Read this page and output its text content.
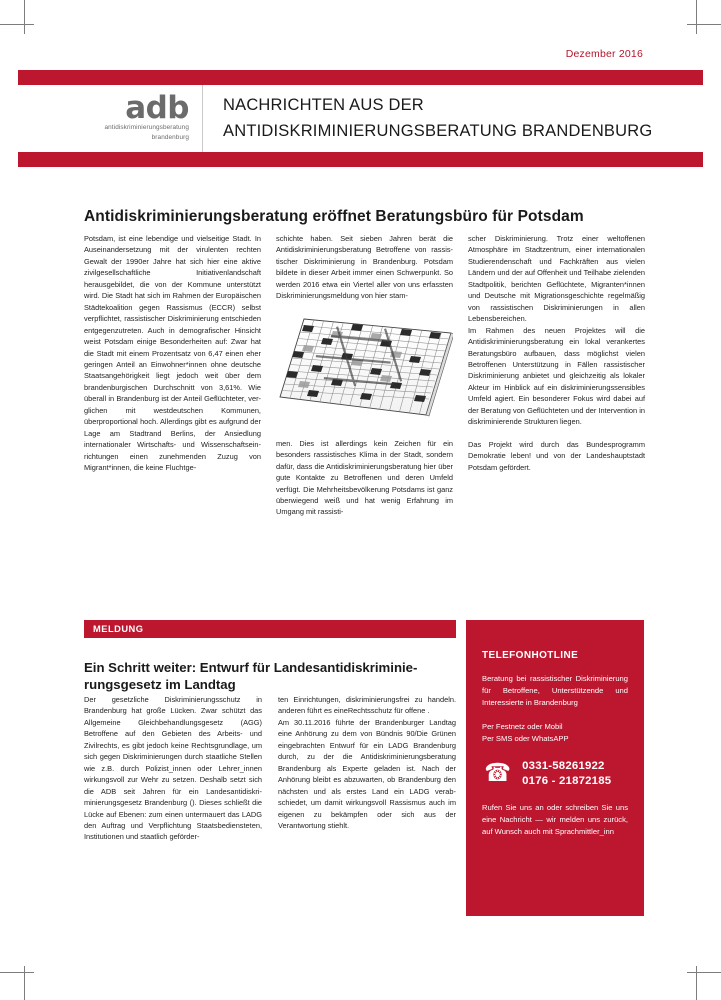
Dezember 2016
adb
antidiskriminierungsberatung
brandenburg
NACHRICHTEN AUS DER
ANTIDISKRIMINIERUNGSBERATUNG BRANDENBURG
Antidiskriminierungsberatung eröffnet Beratungsbüro für Potsdam

Potsdam, ist eine lebendige und vielseitige Stadt. In Auseinandersetzung mit der virulenten rechten Gewalt der 1990er Jahre hat sich hier eine aktive zivilgesellschaftliche Initiativenlandschaft herausgebildet, die von der Kommune unterstützt wird. Die Stadt hat sich im Rahmen der Europäischen Städtekoalition gegen Rassismus (ECCR) selbst verpflichtet, rassistischer Diskriminierung entschieden entgegenzutreten. Auch in demografischer Hinsicht weist Potsdam einige Besonderheiten auf: Zwar hat die Stadt mit einem Prozentsatz von 6,47 einen eher geringen Anteil an Einwohner*innen ohne deutsche Staatsangehörigkeit liegt jedoch weit über dem brandenburgischen Durchschnitt von 3,61%. Wie überall in Brandenburg ist der Anteil Geflüchteter, verglichen mit westdeutschen Kommunen, überproportional hoch. Allerdings gibt es aufgrund der Lage am Stadtrand Berlins, der Ansiedlung internationaler Wirtschafts- und Wissenschaftseinrichtungen einen zunehmenden Zuzug von Migrant*innen, die keine Fluchtge-

schichte haben. Seit sieben Jahren berät die Antidiskriminierungsberatung Betroffene von rassistischer Diskriminierung in Brandenburg. Potsdam bildete in dieser Arbeit immer einen Schwerpunkt. So werden 2016 etwa ein Viertel aller von uns erfassten Diskriminierungsmeldung von hier stam-

men. Dies ist allerdings kein Zeichen für ein besonders rassistisches Klima in der Stadt, sondern dafür, dass die Antidiskriminierungsberatung hier über gute Kontakte zu Betroffenen und deren Umfeld verfügt. Die Mehrheitsbevölkerung Potsdams ist ganz überwiegend weiß und hat wenig Erfahrung im Umgang mit rassisti-

scher Diskriminierung. Trotz einer weltoffenen Atmosphäre im Stadtzentrum, einer internationalen Studierendenschaft und Fachkräften aus vielen Ländern und der auf Offenheit und Teilhabe zielenden Stadtpolitik, berichten Geflüchtete, Migranten*innen und Deutsche mit Migrationsgeschichte regelmäßig von rassistischen Diskriminierungen in allen Lebensbereichen.

Im Rahmen des neuen Projektes will die Antidiskriminierungsberatung ein lokal verankertes Beratungsbüro aufbauen, dass möglichst vielen Betroffenen Unterstützung in Fällen rassistischer Diskriminierung anbietet und gleichzeitig als lokaler Akteur im Hinblick auf ein diskriminierungssensibles Umfeld agiert. Ein besonderer Fokus wird dabei auf der Beratung von Geflüchteten und der Intervention in diskriminierende Strukturen liegen.

Das Projekt wird durch das Bundesprogramm Demokratie leben! und von der Landeshauptstadt Potsdam gefördert.

MELDUNG
Ein Schritt weiter: Entwurf für Landesantidiskriminierungsgesetz im Landtag

Der gesetzliche Diskriminierungsschutz in Brandenburg hat große Lücken. Zwar schützt das Allgemeine Gleichbehandlungsgesetz (AGG) Betroffene auf den Gebieten des Arbeits- und Zivilrechts, es gibt jedoch keine Rechtsgrundlage, um sich gegen Diskriminierungen durch staatliche Stellen wie z.B. durch Polizist_innen oder Lehrer_innen wirkungsvoll zur Wehr zu setzen. Deshalb setzt sich die ADB seit Jahren für ein Landesantidiskriminierungsgesetz Brandenburg (). Dieses schließt die Lücke auf Ebenen: zum einen untermauert das LADG den Auftrag und Verpflichtung Staatsbediensteten, Institutionen und staatlich geförder-

ten Einrichtungen, diskriminierungsfrei zu handeln. anderen führt es eineRechtsschutz für offene .

Am 30.11.2016 führte der Brandenburger Landtag eine Anhörung zu dem von Bündnis 90/Die Grünen eingebrachten Entwurf für ein LADG Brandenburg durch, zu der die Antidiskriminierungsberatung Brandenburg als Experte geladen ist. Nach der Anhörung bleibt es abzuwarten, ob Brandenburg den nächsten und als erstes Land ein LADG verabschiedet, um damit wirkungsvoll Rassismus auch im eigenen zu bekämpfen oder sich aus der Verantwortung stiehlt.

TELEFONHOTLINE
Beratung bei rassistischer Diskriminierung für Betroffene, Unterstützende und Interessierte in Brandenburg
Per Festnetz oder Mobil
Per SMS oder WhatsAPP
☎︎ 0331-58261922
0176 - 21872185
Rufen Sie uns an oder schreiben Sie uns eine Nachricht — wir melden uns zurück, auf Wunsch auch mit Sprachmittler_inn
